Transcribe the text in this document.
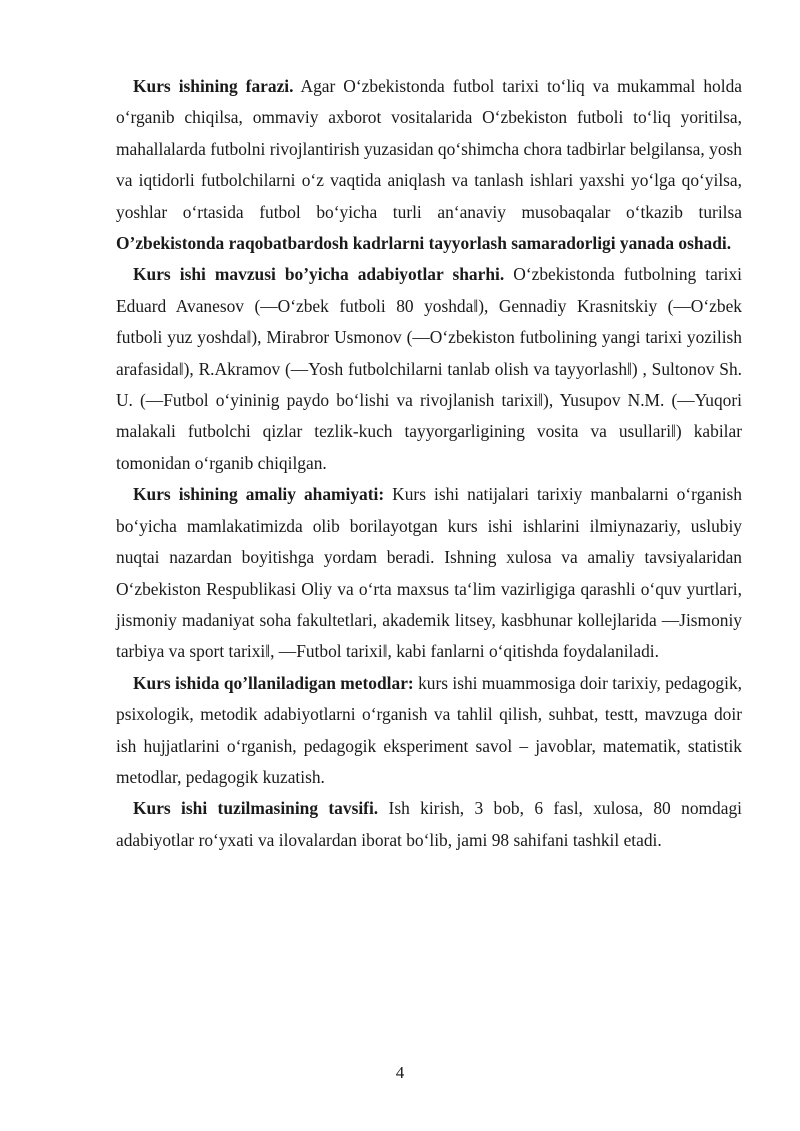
Kurs ishining farazi. Agar O‘zbekistonda futbol tarixi to‘liq va mukammal holda o‘rganib chiqilsa, ommaviy axborot vositalarida O‘zbekiston futboli to‘liq yoritilsa, mahallalarda futbolni rivojlantirish yuzasidan qo‘shimcha chora tadbirlar belgilansa, yosh va iqtidorli futbolchilarni o‘z vaqtida aniqlash va tanlash ishlari yaxshi yo‘lga qo‘yilsa, yoshlar o‘rtasida futbol bo‘yicha turli an‘anaviy musobaqalar o‘tkazib turilsa O’zbekistonda raqobatbardosh kadrlarni tayyorlash samaradorligi yanada oshadi.

Kurs ishi mavzusi bo’yicha adabiyotlar sharhi. O‘zbekistonda futbolning tarixi Eduard Avanesov (―O‘zbek futboli 80 yoshda‖), Gennadiy Krasnitskiy (―O‘zbek futboli yuz yoshda‖), Mirabror Usmonov (―O‘zbekiston futbolining yangi tarixi yozilish arafasida‖), R.Akramov (―Yosh futbolchilarni tanlab olish va tayyorlash‖) , Sultonov Sh. U. (―Futbol o‘yininig paydo bo‘lishi va rivojlanish tarixi‖), Yusupov N.M. (―Yuqori malakali futbolchi qizlar tezlik-kuch tayyorgarligining vosita va usullari‖) kabilar tomonidan o‘rganib chiqilgan.

Kurs ishining amaliy ahamiyati: Kurs ishi natijalari tarixiy manbalarni o‘rganish bo‘yicha mamlakatimizda olib borilayotgan kurs ishi ishlarini ilmiynazariy, uslubiy nuqtai nazardan boyitishga yordam beradi. Ishning xulosa va amaliy tavsiyalaridan O‘zbekiston Respublikasi Oliy va o‘rta maxsus ta‘lim vazirligiga qarashli o‘quv yurtlari, jismoniy madaniyat soha fakultetlari, akademik litsey, kasbhunar kollejlarida ―Jismoniy tarbiya va sport tarixi‖, ―Futbol tarixi‖, kabi fanlarni o‘qitishda foydalaniladi.

Kurs ishida qo’llaniladigan metodlar: kurs ishi muammosiga doir tarixiy, pedagogik, psixologik, metodik adabiyotlarni o‘rganish va tahlil qilish, suhbat, testt, mavzuga doir ish hujjatlarini o‘rganish, pedagogik eksperiment savol – javoblar, matematik, statistik metodlar, pedagogik kuzatish.

Kurs ishi tuzilmasining tavsifi. Ish kirish, 3 bob, 6 fasl, xulosa, 80 nomdagi adabiyotlar ro‘yxati va ilovalardan iborat bo‘lib, jami 98 sahifani tashkil etadi.

4
